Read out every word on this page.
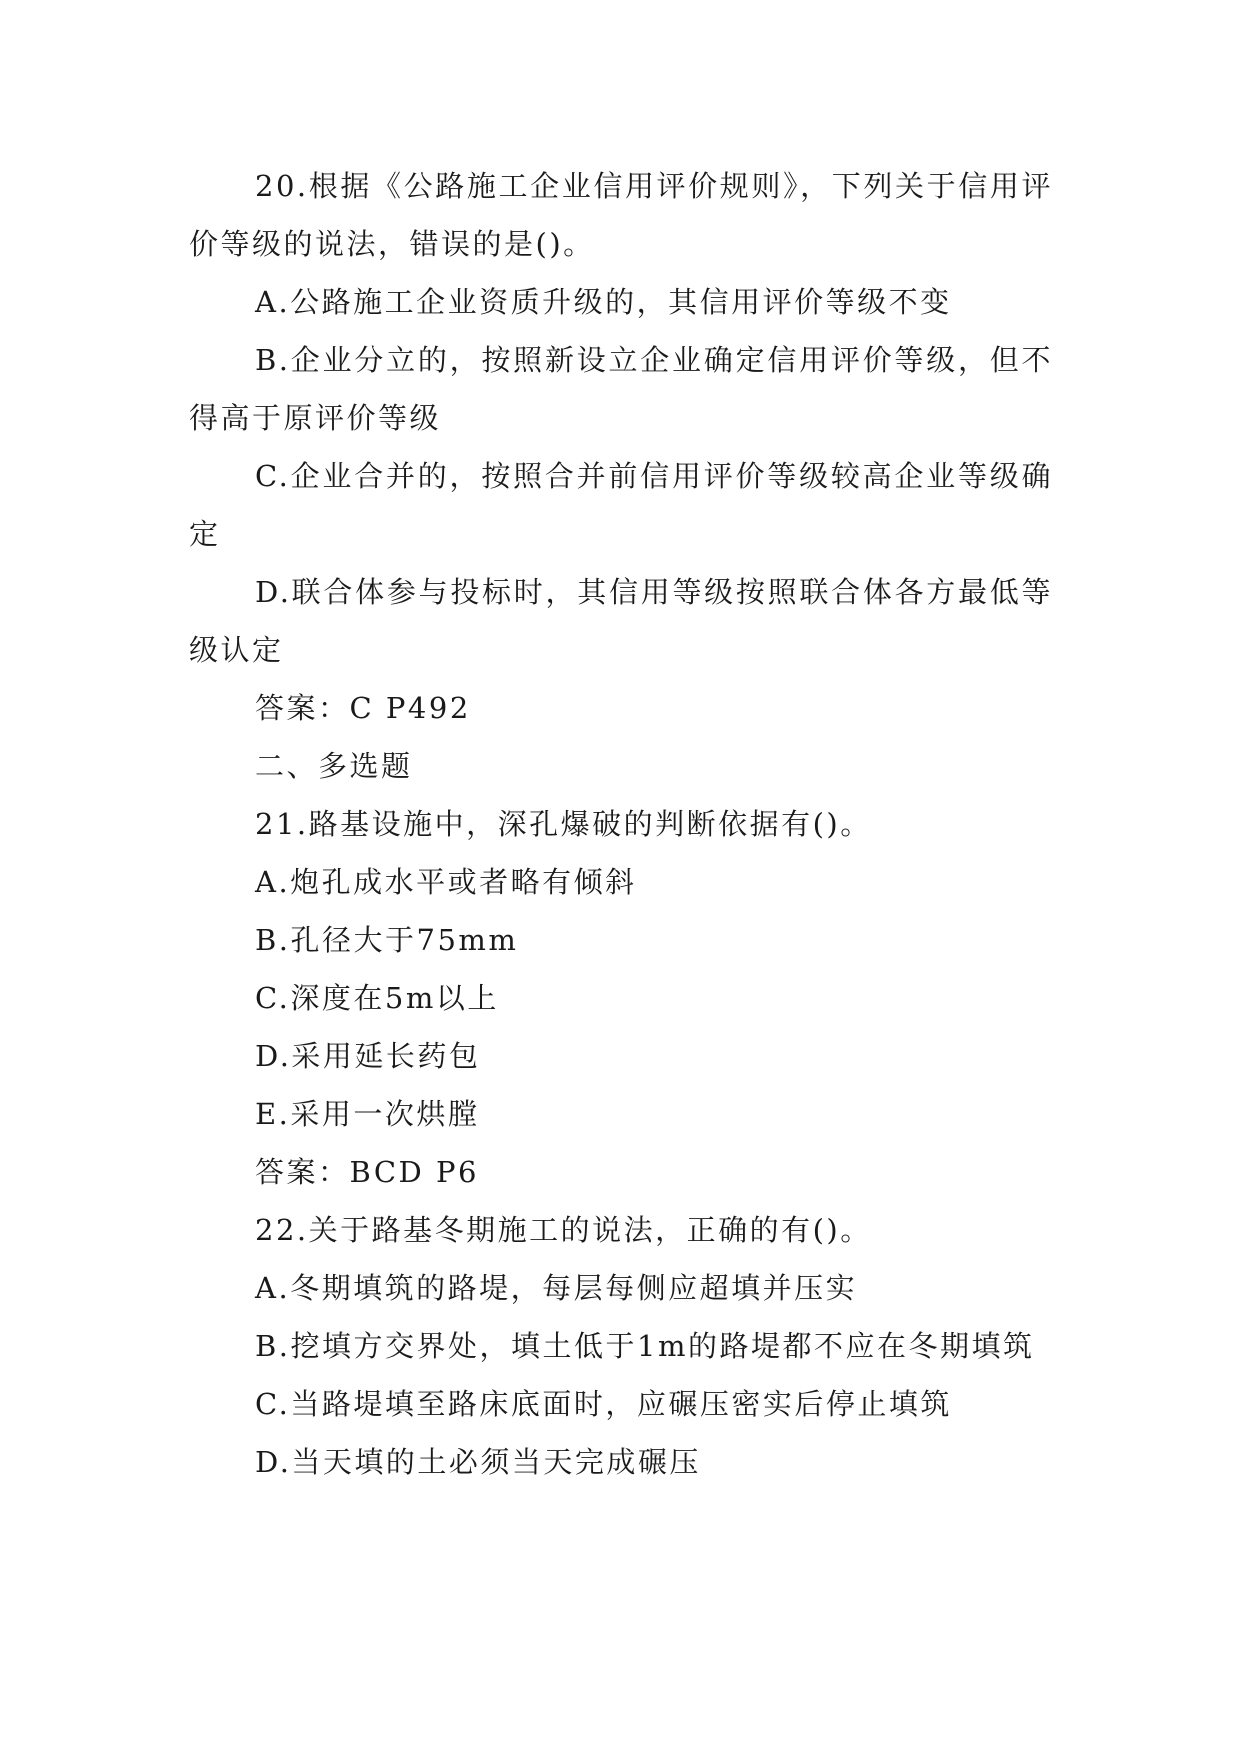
20.根据《公路施工企业信用评价规则》，下列关于信用评价等级的说法，错误的是()。

A.公路施工企业资质升级的，其信用评价等级不变

B.企业分立的，按照新设立企业确定信用评价等级，但不得高于原评价等级

C.企业合并的，按照合并前信用评价等级较高企业等级确定

D.联合体参与投标时，其信用等级按照联合体各方最低等级认定

答案：C P492

二、多选题

21.路基设施中，深孔爆破的判断依据有()。

A.炮孔成水平或者略有倾斜

B.孔径大于75mm

C.深度在5m以上

D.采用延长药包

E.采用一次烘膛

答案：BCD P6

22.关于路基冬期施工的说法，正确的有()。

A.冬期填筑的路堤，每层每侧应超填并压实

B.挖填方交界处，填土低于1m的路堤都不应在冬期填筑

C.当路堤填至路床底面时，应碾压密实后停止填筑

D.当天填的土必须当天完成碾压
